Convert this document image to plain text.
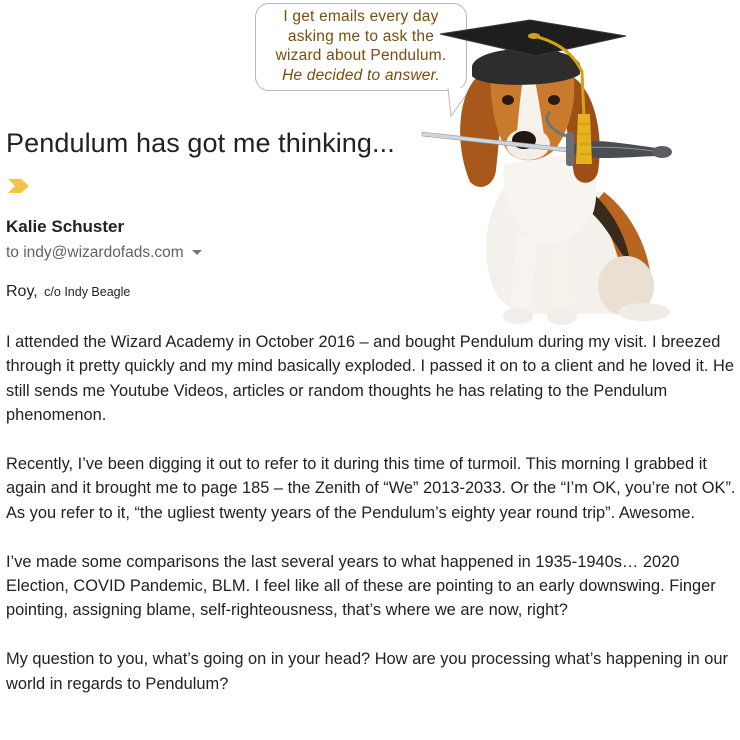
Pendulum has got me thinking...
Kalie Schuster
to indy@wizardofads.com
Roy, c/o Indy Beagle

I attended the Wizard Academy in October 2016 – and bought Pendulum during my visit. I breezed through it pretty quickly and my mind basically exploded. I passed it on to a client and he loved it. He still sends me Youtube Videos, articles or random thoughts he has relating to the Pendulum phenomenon.

Recently, I’ve been digging it out to refer to it during this time of turmoil. This morning I grabbed it again and it brought me to page 185 – the Zenith of “We” 2013-2033. Or the “I’m OK, you’re not OK”. As you refer to it, “the ugliest twenty years of the Pendulum’s eighty year round trip”. Awesome.

I’ve made some comparisons the last several years to what happened in 1935-1940s… 2020 Election, COVID Pandemic, BLM. I feel like all of these are pointing to an early downswing. Finger pointing, assigning blame, self-righteousness, that’s where we are now, right?

My question to you, what’s going on in your head? How are you processing what’s happening in our world in regards to Pendulum?

I get emails every day
asking me to ask the
wizard about Pendulum.
He decided to answer.
